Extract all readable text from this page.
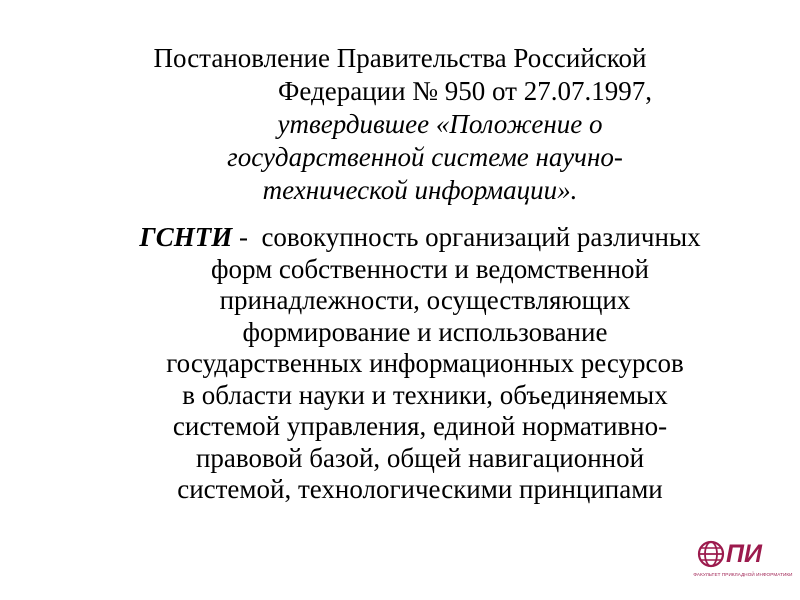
Постановление Правительства Российской
Федерации № 950 от 27.07.1997,
утвердившее «Положение о
государственной системе научно-
технической информации».
ГСНТИ -  совокупность организаций различных
форм собственности и ведомственной
принадлежности, осуществляющих
формирование и использование
государственных информационных ресурсов
в области науки и техники, объединяемых
системой управления, единой нормативно-
правовой базой, общей навигационной
системой, технологическими принципами
ПИ
ФАКУЛЬТЕТ ПРИКЛАДНОЙ ИНФОРМАТИКИ
